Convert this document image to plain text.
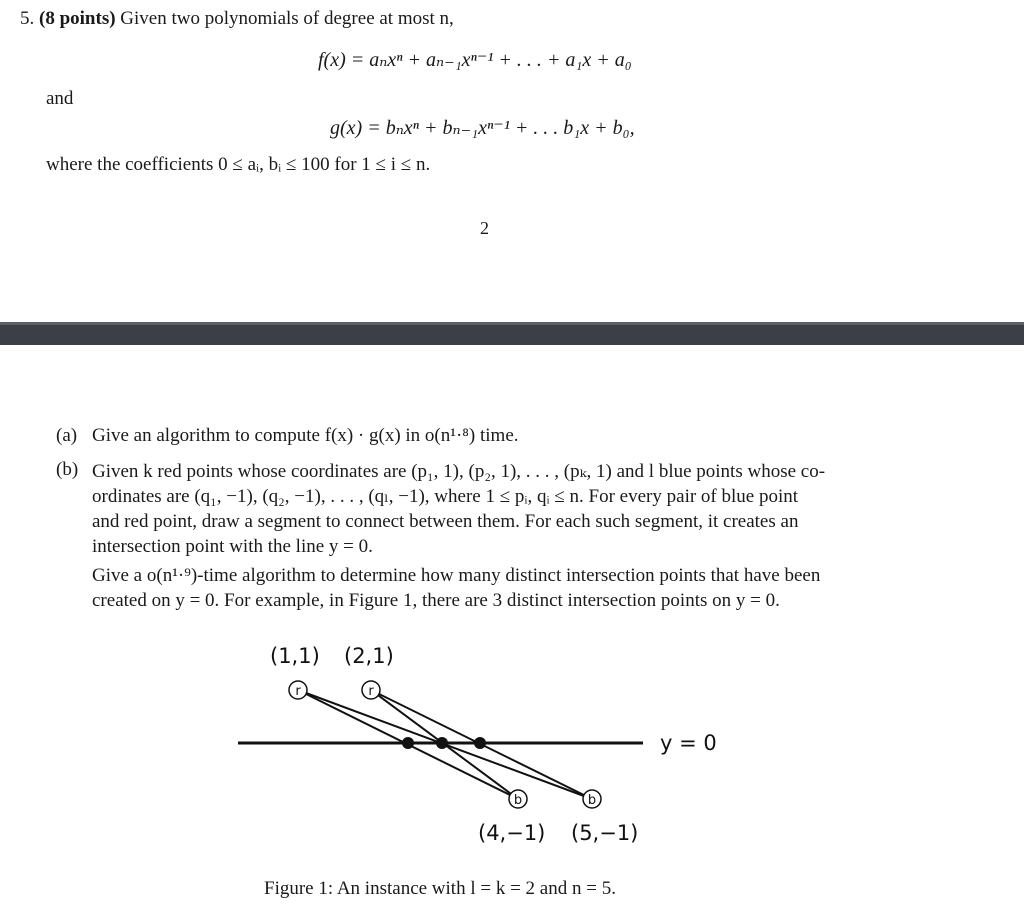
5. (8 points) Given two polynomials of degree at most n,
f(x) = aₙxⁿ + aₙ₋₁xⁿ⁻¹ + . . . + a₁x + a₀
and
g(x) = bₙxⁿ + bₙ₋₁xⁿ⁻¹ + . . . b₁x + b₀,
where the coefficients 0 ≤ aᵢ, bᵢ ≤ 100 for 1 ≤ i ≤ n.
2
(a) Give an algorithm to compute f(x) · g(x) in o(n¹·⁸) time.
(b) Given k red points whose coordinates are (p₁, 1), (p₂, 1), . . . , (pₖ, 1) and l blue points whose co-
ordinates are (q₁, −1), (q₂, −1), . . . , (qₗ, −1), where 1 ≤ pᵢ, qᵢ ≤ n. For every pair of blue point
and red point, draw a segment to connect between them. For each such segment, it creates an
intersection point with the line y = 0.
Give a o(n¹·⁹)-time algorithm to determine how many distinct intersection points that have been
created on y = 0. For example, in Figure 1, there are 3 distinct intersection points on y = 0.
(1,1) (2,1)
y = 0
r	r
b	b
(4,−1) (5,−1)
Figure 1: An instance with l = k = 2 and n = 5.
